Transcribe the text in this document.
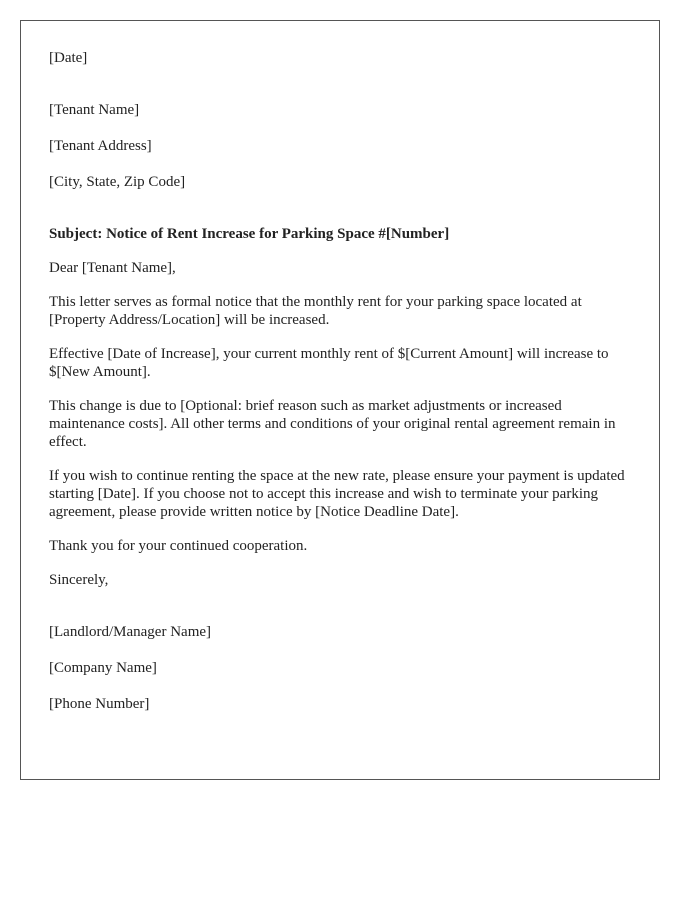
[Date]

[Tenant Name]

[Tenant Address]

[City, State, Zip Code]

Subject: Notice of Rent Increase for Parking Space #[Number]
Dear [Tenant Name],

This letter serves as formal notice that the monthly rent for your parking space located at [Property Address/Location] will be increased.

Effective [Date of Increase], your current monthly rent of $[Current Amount] will increase to $[New Amount].

This change is due to [Optional: brief reason such as market adjustments or increased maintenance costs]. All other terms and conditions of your original rental agreement remain in effect.

If you wish to continue renting the space at the new rate, please ensure your payment is updated starting [Date]. If you choose not to accept this increase and wish to terminate your parking agreement, please provide written notice by [Notice Deadline Date].

Thank you for your continued cooperation.

Sincerely,

[Landlord/Manager Name]

[Company Name]

[Phone Number]
